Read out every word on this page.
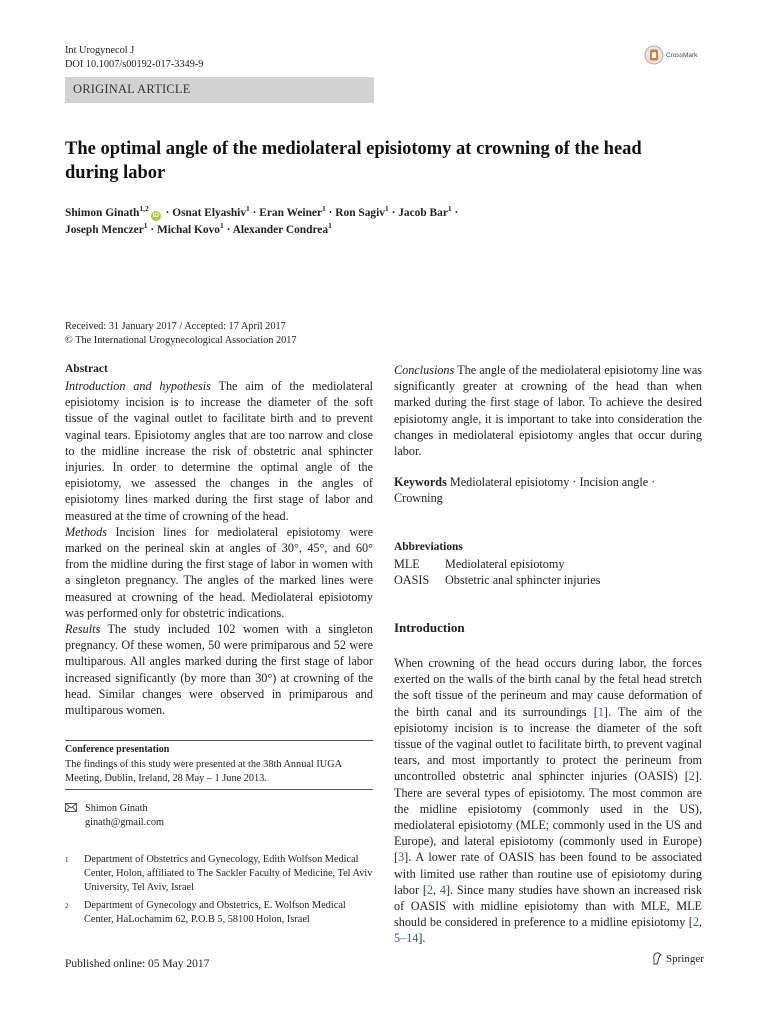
Int Urogynecol J
DOI 10.1007/s00192-017-3349-9
CrossMark
ORIGINAL ARTICLE
The optimal angle of the mediolateral episiotomy at crowning of the head during labor
Shimon Ginath$^{1,2}$iD · Osnat Elyashiv$^1$ · Eran Weiner$^1$ · Ron Sagiv$^1$ · Jacob Bar$^1$ ·
Joseph Menczer$^1$ · Michal Kovo$^1$ · Alexander Condrea$^1$
Received: 31 January 2017 / Accepted: 17 April 2017
© The International Urogynecological Association 2017
Abstract
Introduction and hypothesis The aim of the mediolateral episiotomy incision is to increase the diameter of the soft tissue of the vaginal outlet to facilitate birth and to prevent vaginal tears. Episiotomy angles that are too narrow and close to the midline increase the risk of obstetric anal sphincter injuries. In order to determine the optimal angle of the episiotomy, we assessed the changes in the angles of episiotomy lines marked during the first stage of labor and measured at the time of crowning of the head.
Methods Incision lines for mediolateral episiotomy were marked on the perineal skin at angles of 30°, 45°, and 60° from the midline during the first stage of labor in women with a singleton pregnancy. The angles of the marked lines were measured at crowning of the head. Mediolateral episiotomy was performed only for obstetric indications.
Results The study included 102 women with a singleton pregnancy. Of these women, 50 were primiparous and 52 were multiparous. All angles marked during the first stage of labor increased significantly (by more than 30°) at crowning of the head. Similar changes were observed in primiparous and multiparous women.
Conclusions The angle of the mediolateral episiotomy line was significantly greater at crowning of the head than when marked during the first stage of labor. To achieve the desired episiotomy angle, it is important to take into consideration the changes in mediolateral episiotomy angles that occur during labor.
Keywords Mediolateral episiotomy · Incision angle · Crowning
Abbreviations
MLE	Mediolateral episiotomy
OASIS	Obstetric anal sphincter injuries
Introduction
When crowning of the head occurs during labor, the forces exerted on the walls of the birth canal by the fetal head stretch the soft tissue of the perineum and may cause deformation of the birth canal and its surroundings [1]. The aim of the episiotomy incision is to increase the diameter of the soft tissue of the vaginal outlet to facilitate birth, to prevent vaginal tears, and most importantly to protect the perineum from uncontrolled obstetric anal sphincter injuries (OASIS) [2]. There are several types of episiotomy. The most common are the midline episiotomy (commonly used in the US), mediolateral episiotomy (MLE; commonly used in the US and Europe), and lateral episiotomy (commonly used in Europe) [3]. A lower rate of OASIS has been found to be associated with limited use rather than routine use of episiotomy during labor [2, 4]. Since many studies have shown an increased risk of OASIS with midline episiotomy than with MLE, MLE should be considered in preference to a midline episiotomy [2, 5–14].
Conference presentation
The findings of this study were presented at the 38th Annual IUGA Meeting, Dublin, Ireland, 28 May – 1 June 2013.
Shimon Ginath
ginath@gmail.com
1 Department of Obstetrics and Gynecology, Edith Wolfson Medical Center, Holon, affiliated to The Sackler Faculty of Medicine, Tel Aviv University, Tel Aviv, Israel
2 Department of Gynecology and Obstetrics, E. Wolfson Medical Center, HaLochamim 62, P.O.B 5, 58100 Holon, Israel
Published online: 05 May 2017	Springer
